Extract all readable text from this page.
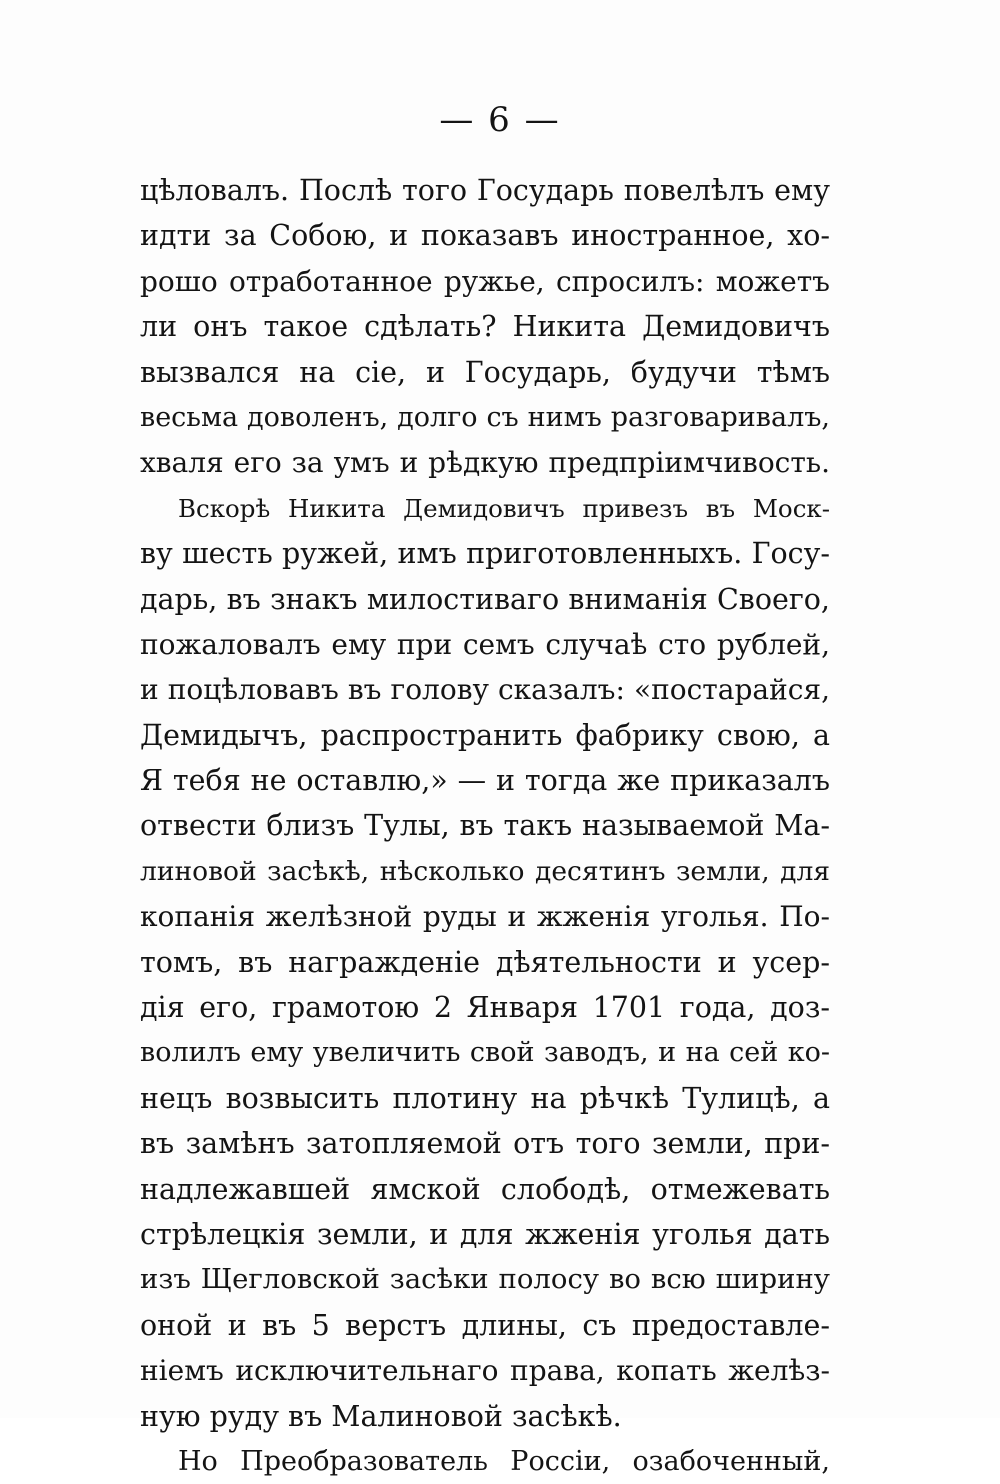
— 6 —
цѣловалъ. Послѣ того Государь повелѣлъ ему
идти за Собою, и показавъ иностранное, хо-
рошо отработанное ружье, спросилъ: можетъ
ли онъ такое сдѣлать? Никита Демидовичъ
вызвался на сіе, и Государь, будучи тѣмъ
весьма доволенъ, долго съ нимъ разговаривалъ,
хваля его за умъ и рѣдкую предпріимчивость.
Вскорѣ Никита Демидовичъ привезъ въ Моск-
ву шесть ружей, имъ приготовленныхъ. Госу-
дарь, въ знакъ милостиваго вниманія Своего,
пожаловалъ ему при семъ случаѣ сто рублей,
и поцѣловавъ въ голову сказалъ: «постарайся,
Демидычъ, распространить фабрику свою, а
Я тебя не оставлю,» — и тогда же приказалъ
отвести близъ Тулы, въ такъ называемой Ма-
линовой засѣкѣ, нѣсколько десятинъ земли, для
копанія желѣзной руды и жженія уголья. По-
томъ, въ награжденіе дѣятельности и усер-
дія его, грамотою 2 Января 1701 года, доз-
волилъ ему увеличить свой заводъ, и на сей ко-
нецъ возвысить плотину на рѣчкѣ Тулицѣ, а
въ замѣнъ затопляемой отъ того земли, при-
надлежавшей ямской слободѣ, отмежевать
стрѣлецкія земли, и для жженія уголья дать
изъ Щегловской засѣки полосу во всю ширину
оной и въ 5 верстъ длины, съ предоставле-
ніемъ исключительнаго права, копать желѣз-
ную руду въ Малиновой засѣкѣ.
Но Преобразователь Россіи, озабоченный,
